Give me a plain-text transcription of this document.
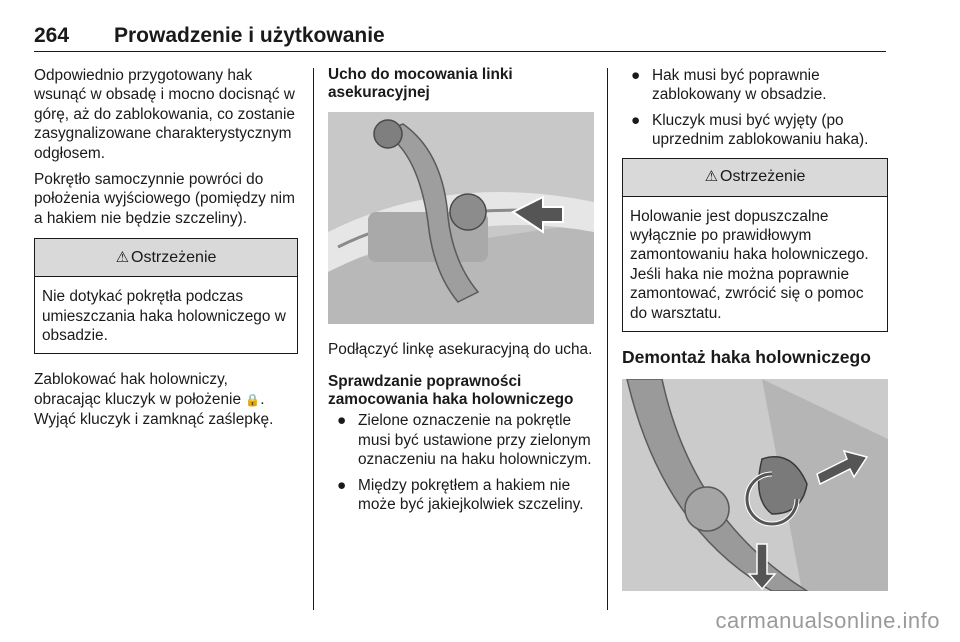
264 Prowadzenie i użytkowanie

Odpowiednio przygotowany hak wsunąć w obsadę i mocno docisnąć w górę, aż do zablokowania, co zostanie zasygnalizowane charakterystycznym odgłosem.

Pokrętło samoczynnie powróci do położenia wyjściowego (pomiędzy nim a hakiem nie będzie szczeliny).

⚠ Ostrzeżenie
Nie dotykać pokrętła podczas umieszczania haka holowniczego w obsadzie.

Zablokować hak holowniczy, obracając kluczyk w położenie 🔒.
Wyjąć kluczyk i zamknąć zaślepkę.

Ucho do mocowania linki asekuracyjnej

Podłączyć linkę asekuracyjną do ucha.

Sprawdzanie poprawności zamocowania haka holowniczego
● Zielone oznaczenie na pokrętle musi być ustawione przy zielonym oznaczeniu na haku holowniczym.
● Między pokrętłem a hakiem nie może być jakiejkolwiek szczeliny.
● Hak musi być poprawnie zablokowany w obsadzie.
● Kluczyk musi być wyjęty (po uprzednim zablokowaniu haka).
⚠ Ostrzeżenie
Holowanie jest dopuszczalne wyłącznie po prawidłowym zamontowaniu haka holowniczego. Jeśli haka nie można poprawnie zamontować, zwrócić się o pomoc do warsztatu.
Demontaż haka holowniczego
carmanualsonline.info
